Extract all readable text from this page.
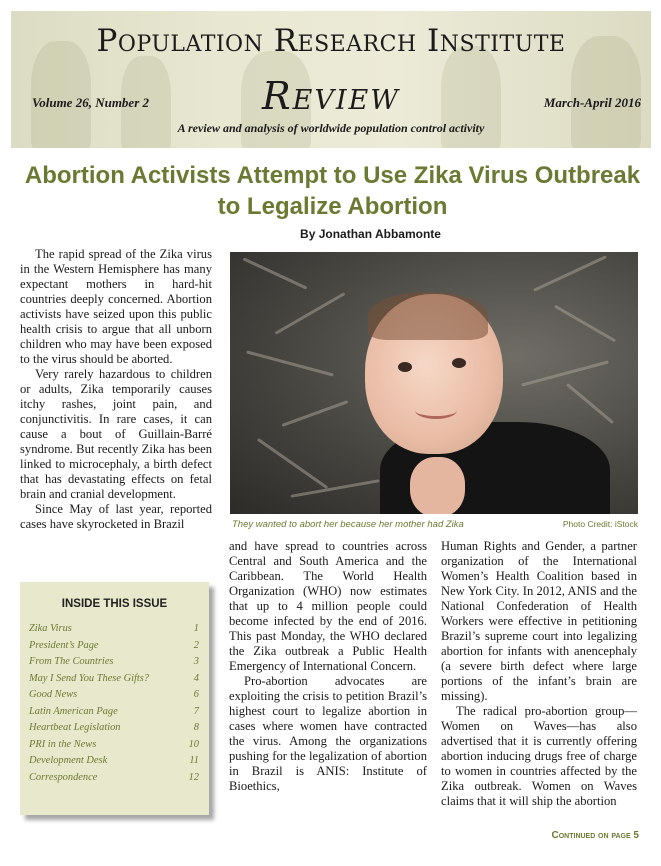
Population Research Institute
Review
Volume 26, Number 2	March-April 2016
A review and analysis of worldwide population control activity
Abortion Activists Attempt to Use Zika Virus Outbreak to Legalize Abortion
By Jonathan Abbamonte

The rapid spread of the Zika virus in the Western Hemisphere has many expectant mothers in hard-hit countries deeply concerned. Abortion activists have seized upon this public health crisis to argue that all unborn children who may have been exposed to the virus should be aborted.

Very rarely hazardous to children or adults, Zika temporarily causes itchy rashes, joint pain, and conjunctivitis. In rare cases, it can cause a bout of Guillain-Barré syndrome. But recently Zika has been linked to microcephaly, a birth defect that has devastating effects on fetal brain and cranial development.

Since May of last year, reported cases have skyrocketed in Brazil	They wanted to abort her because her mother had Zika	Photo Credit: iStock

and have spread to countries across Central and South America and the Caribbean. The World Health Organization (WHO) now estimates that up to 4 million people could become infected by the end of 2016. This past Monday, the WHO declared the Zika outbreak a Public Health Emergency of International Concern.

Pro-abortion advocates are exploiting the crisis to petition Brazil’s highest court to legalize abortion in cases where women have contracted the virus. Among the organizations pushing for the legalization of abortion in Brazil is ANIS: Institute of Bioethics,

Human Rights and Gender, a partner organization of the International Women’s Health Coalition based in New York City. In 2012, ANIS and the National Confederation of Health Workers were effective in petitioning Brazil’s supreme court into legalizing abortion for infants with anencephaly (a severe birth defect where large portions of the infant’s brain are missing).

The radical pro-abortion group—Women on Waves—has also advertised that it is currently offering abortion inducing drugs free of charge to women in countries affected by the Zika outbreak. Women on Waves claims that it will ship the abortion

INSIDE THIS ISSUE
Zika Virus	1
President’s Page	2
From The Countries	3
May I Send You These Gifts?	4
Good News	6
Latin American Page	7
Heartbeat Legislation	8
PRI in the News	10
Development Desk	11
Correspondence	12
Continued on page 5
